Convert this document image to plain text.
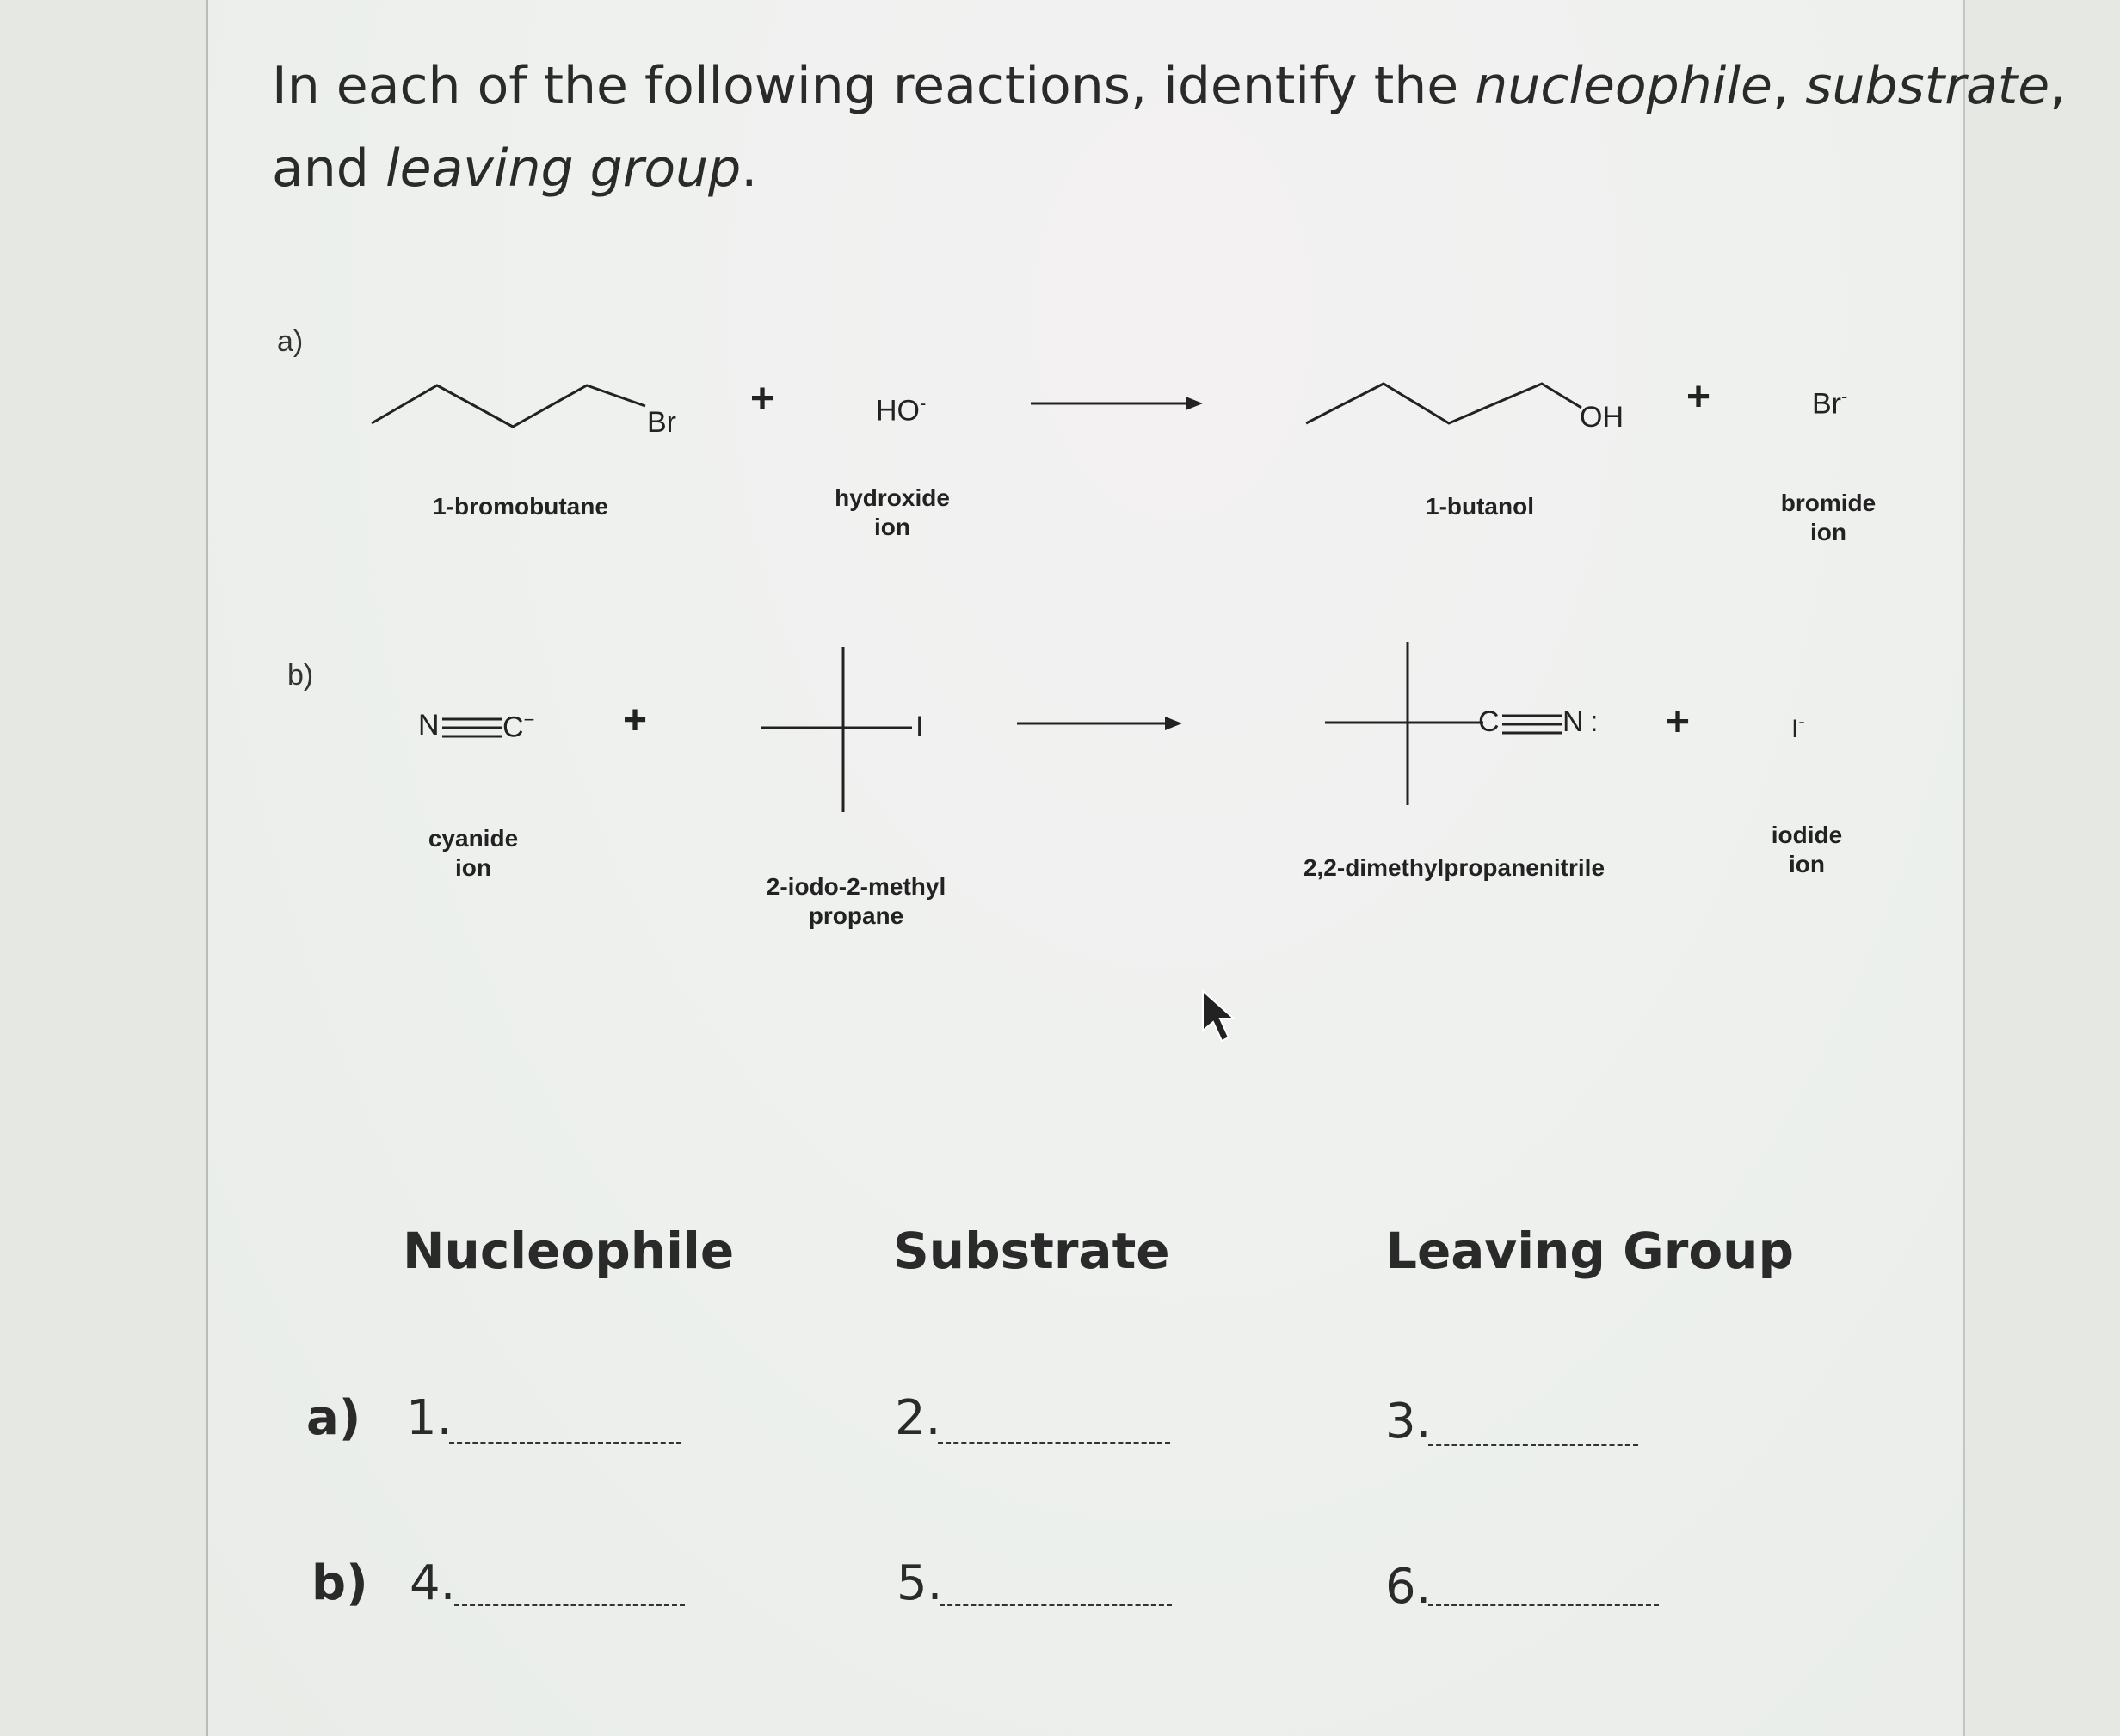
In each of the following reactions, identify the nucleophile, substrate,
and leaving group.
a)
Br
1-bromobutane
+	HO-
hydroxide
ion
OH
1-butanol
+	Br-
bromide
ion
b)
N C−
cyanide
ion
+	I
2-iodo-2-methyl
propane
C N :
2,2-dimethylpropanenitrile
+	I-
iodide
ion
Nucleophile	Substrate	Leaving Group
a) 1.	2.	3.
b) 4.	5.	6.
